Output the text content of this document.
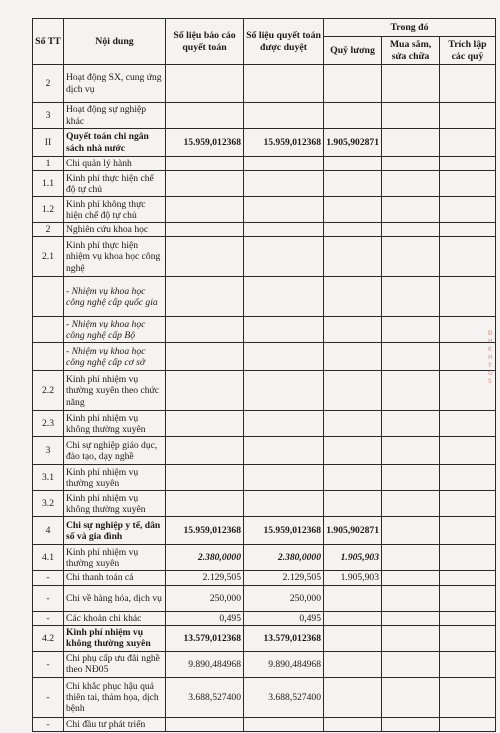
Số TT	Nội dung	Số liệu báo cáo quyết toán	Số liệu quyết toán được duyệt	Trong đó		
				Quỹ lương	Mua sắm, sửa chữa	Trích lập các quỹ
2	Hoạt động SX, cung ứng dịch vụ					
3	Hoạt động sự nghiệp khác					
II	Quyết toán chi ngân sách nhà nước	15.959,012368	15.959,012368	1.905,902871		
1	Chi quản lý hành					
1.1	Kinh phí thực hiện chế độ tự chủ					
1.2	Kinh phí không thực hiện chế độ tự chủ					
2	Nghiên cứu khoa học					
2.1	Kinh phí thực hiện nhiệm vụ khoa học công nghệ					
	- Nhiệm vụ khoa học công nghệ cấp quốc gia					
	- Nhiệm vụ khoa học công nghệ cấp Bộ					
	- Nhiệm vụ khoa học công nghệ cấp cơ sở					
2.2	Kinh phí nhiệm vụ thường xuyên theo chức năng					
2.3	Kinh phí nhiệm vụ không thường xuyên					
3	Chi sự nghiệp giáo dục, đào tạo, dạy nghề					
3.1	Kinh phí nhiệm vụ thường xuyên					
3.2	Kinh phí nhiệm vụ không thường xuyên					
4	Chi sự nghiệp y tế, dân số và gia đình	15.959,012368	15.959,012368	1.905,902871		
4.1	Kinh phí nhiệm vụ thường xuyên	2.380,0000	2.380,0000	1.905,903		
-	Chi thanh toán cá	2.129,505	2.129,505	1.905,903		
-	Chi về hàng hóa, dịch vụ	250,000	250,000			
-	Các khoản chi khác	0,495	0,495			
4.2	Kinh phí nhiệm vụ không thường xuyên	13.579,012368	13.579,012368			
-	Chi phụ cấp ưu đãi nghề theo NĐ05	9.890,484968	9.890,484968			
-	Chi khắc phục hậu quả thiên tai, thảm họa, dịch bệnh	3.688,527400	3.688,527400			
-	Chi đầu tư phát triển					
Đ
H
K
H
Y
G
S
